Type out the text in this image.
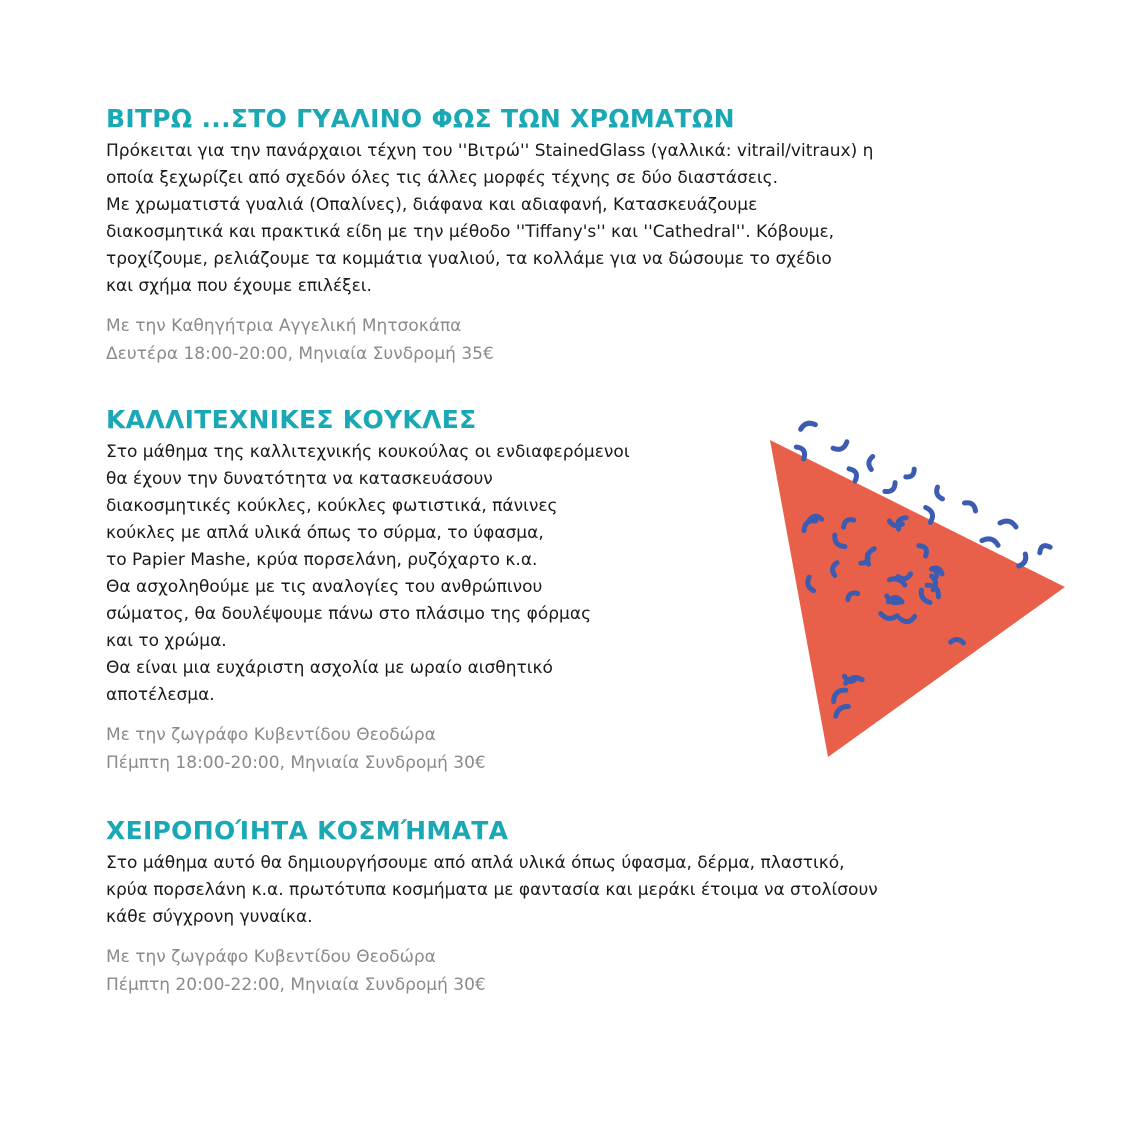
ΒΙΤΡΩ ...ΣΤΟ ΓΥΑΛΙΝΟ ΦΩΣ ΤΩΝ ΧΡΩΜΑΤΩΝ
Πρόκειται για την πανάρχαιοι τέχνη του ''Βιτρώ'' StainedGlass (γαλλικά: vitrail/vitraux) η
οποία ξεχωρίζει από σχεδόν όλες τις άλλες μορφές τέχνης σε δύο διαστάσεις.
Με χρωματιστά γυαλιά (Οπαλίνες), διάφανα και αδιαφανή, Κατασκευάζουμε
διακοσμητικά και πρακτικά είδη με την μέθοδο ''Tiffany's'' και ''Cathedral''. Κόβουμε,
τροχίζουμε, ρελιάζουμε τα κομμάτια γυαλιού, τα κολλάμε για να δώσουμε το σχέδιο
και σχήμα που έχουμε επιλέξει.
Με την Καθηγήτρια Αγγελική Μητσοκάπα
Δευτέρα 18:00-20:00, Μηνιαία Συνδρομή 35€
ΚΑΛΛΙΤΕΧΝΙΚΕΣ ΚΟΥΚΛΕΣ
Στο μάθημα της καλλιτεχνικής κουκούλας οι ενδιαφερόμενοι
θα έχουν την δυνατότητα να κατασκευάσουν
διακοσμητικές κούκλες, κούκλες φωτιστικά, πάνινες
κούκλες με απλά υλικά όπως το σύρμα, το ύφασμα,
το Papier Mashe, κρύα πορσελάνη, ρυζόχαρτο κ.α.
Θα ασχοληθούμε με τις αναλογίες του ανθρώπινου
σώματος, θα δουλέψουμε πάνω στο πλάσιμο της φόρμας
και το χρώμα.
Θα είναι μια ευχάριστη ασχολία με ωραίο αισθητικό
αποτέλεσμα.
Με την ζωγράφο Κυβεντίδου Θεοδώρα
Πέμπτη 18:00-20:00, Μηνιαία Συνδρομή 30€
ΧΕΙΡΟΠΟΊΗΤΑ ΚΟΣΜΉΜΑΤΑ
Στο μάθημα αυτό θα δημιουργήσουμε από απλά υλικά όπως ύφασμα, δέρμα, πλαστικό,
κρύα πορσελάνη κ.α. πρωτότυπα κοσμήματα με φαντασία και μεράκι έτοιμα να στολίσουν
κάθε σύγχρονη γυναίκα.
Με την ζωγράφο Κυβεντίδου Θεοδώρα
Πέμπτη 20:00-22:00, Μηνιαία Συνδρομή 30€
